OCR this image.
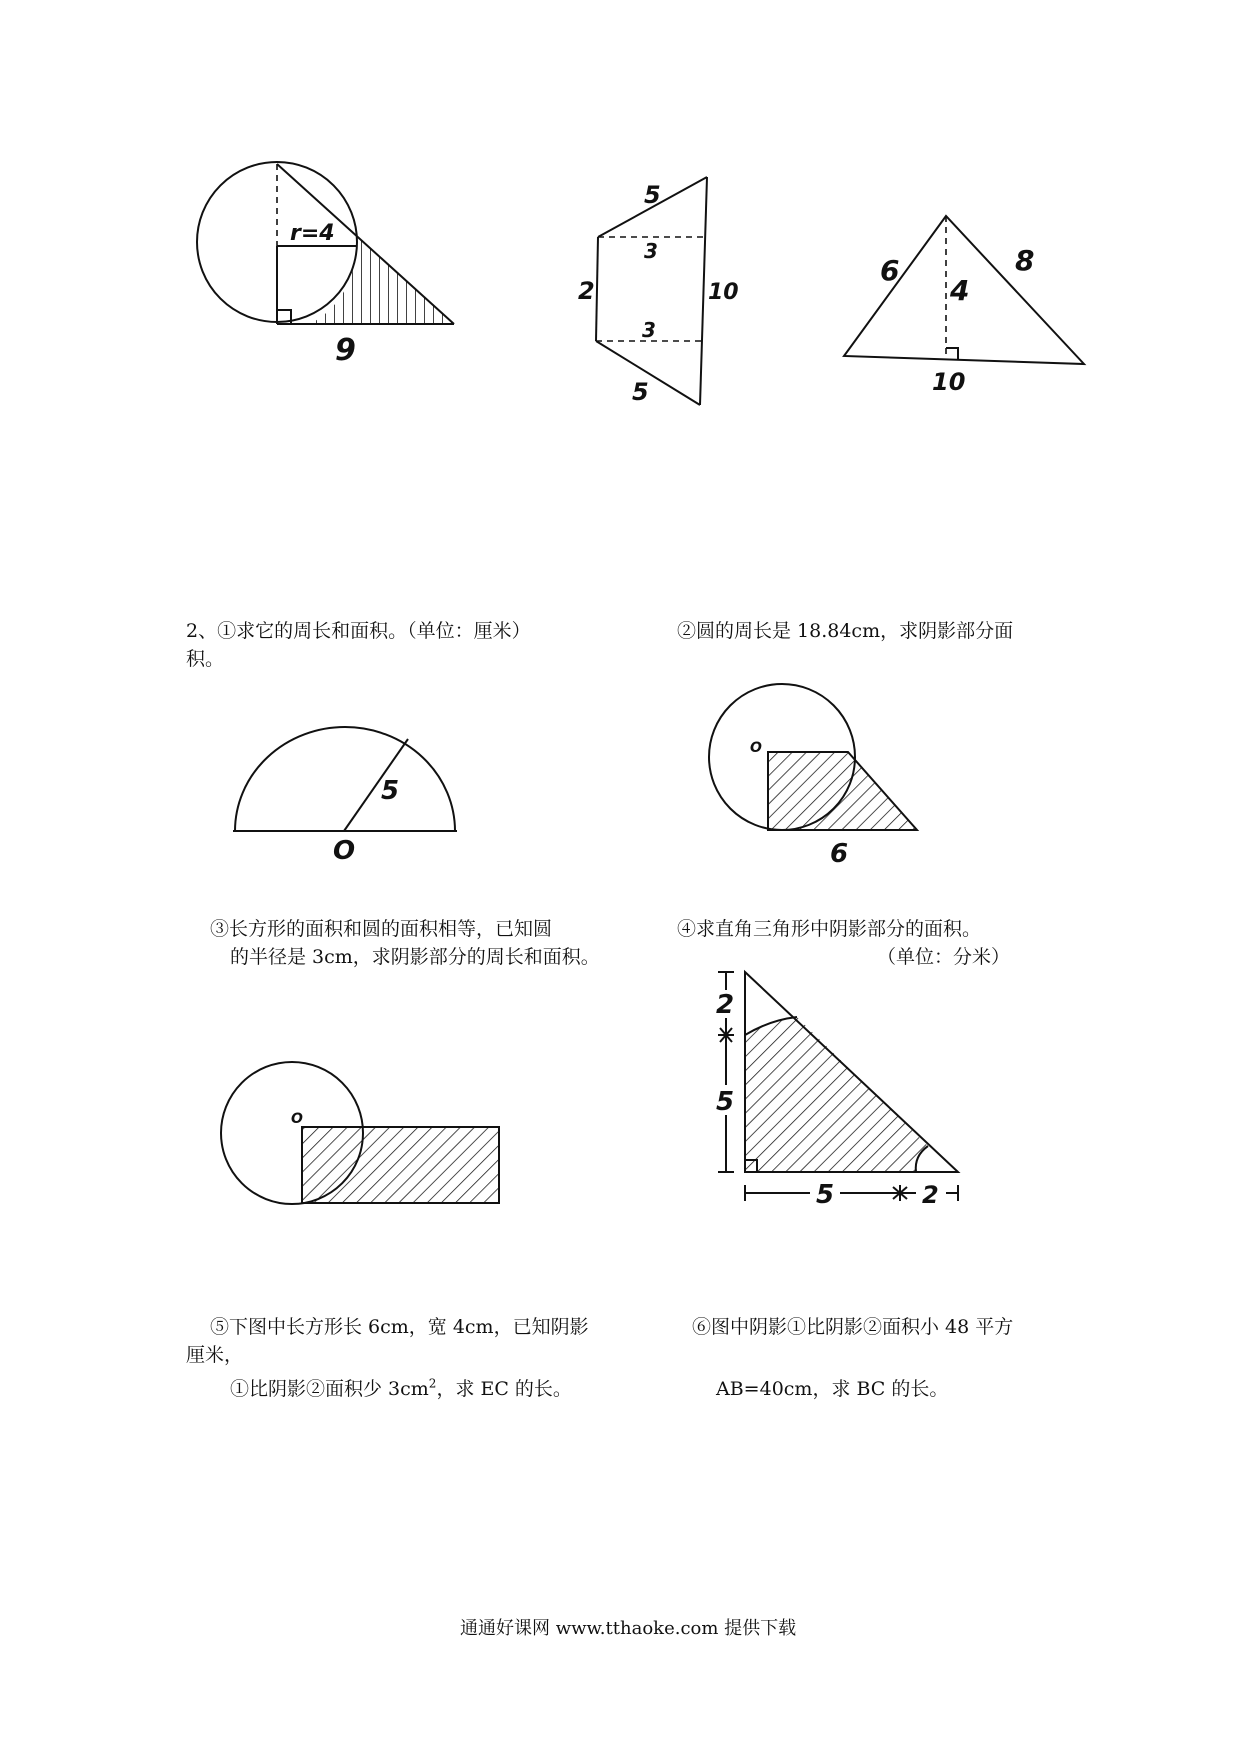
r=4
9
5
3
2	10
3
5
6
4
8
10
2、①求它的周长和面积。（单位：厘米）
积。
②圆的周长是 18.84cm，求阴影部分面
5
O
O
6
③长方形的面积和圆的面积相等，已知圆
的半径是 3cm，求阴影部分的周长和面积。
④求直角三角形中阴影部分的面积。
（单位：分米）
O
2
5
5	2
⑤下图中长方形长 6cm，宽 4cm，已知阴影
厘米，
①比阴影②面积少 $3cm^2$，求 EC 的长。
⑥图中阴影①比阴影②面积小 48 平方
AB=40cm，求 BC 的长。
通通好课网 www.tthaoke.com 提供下载
